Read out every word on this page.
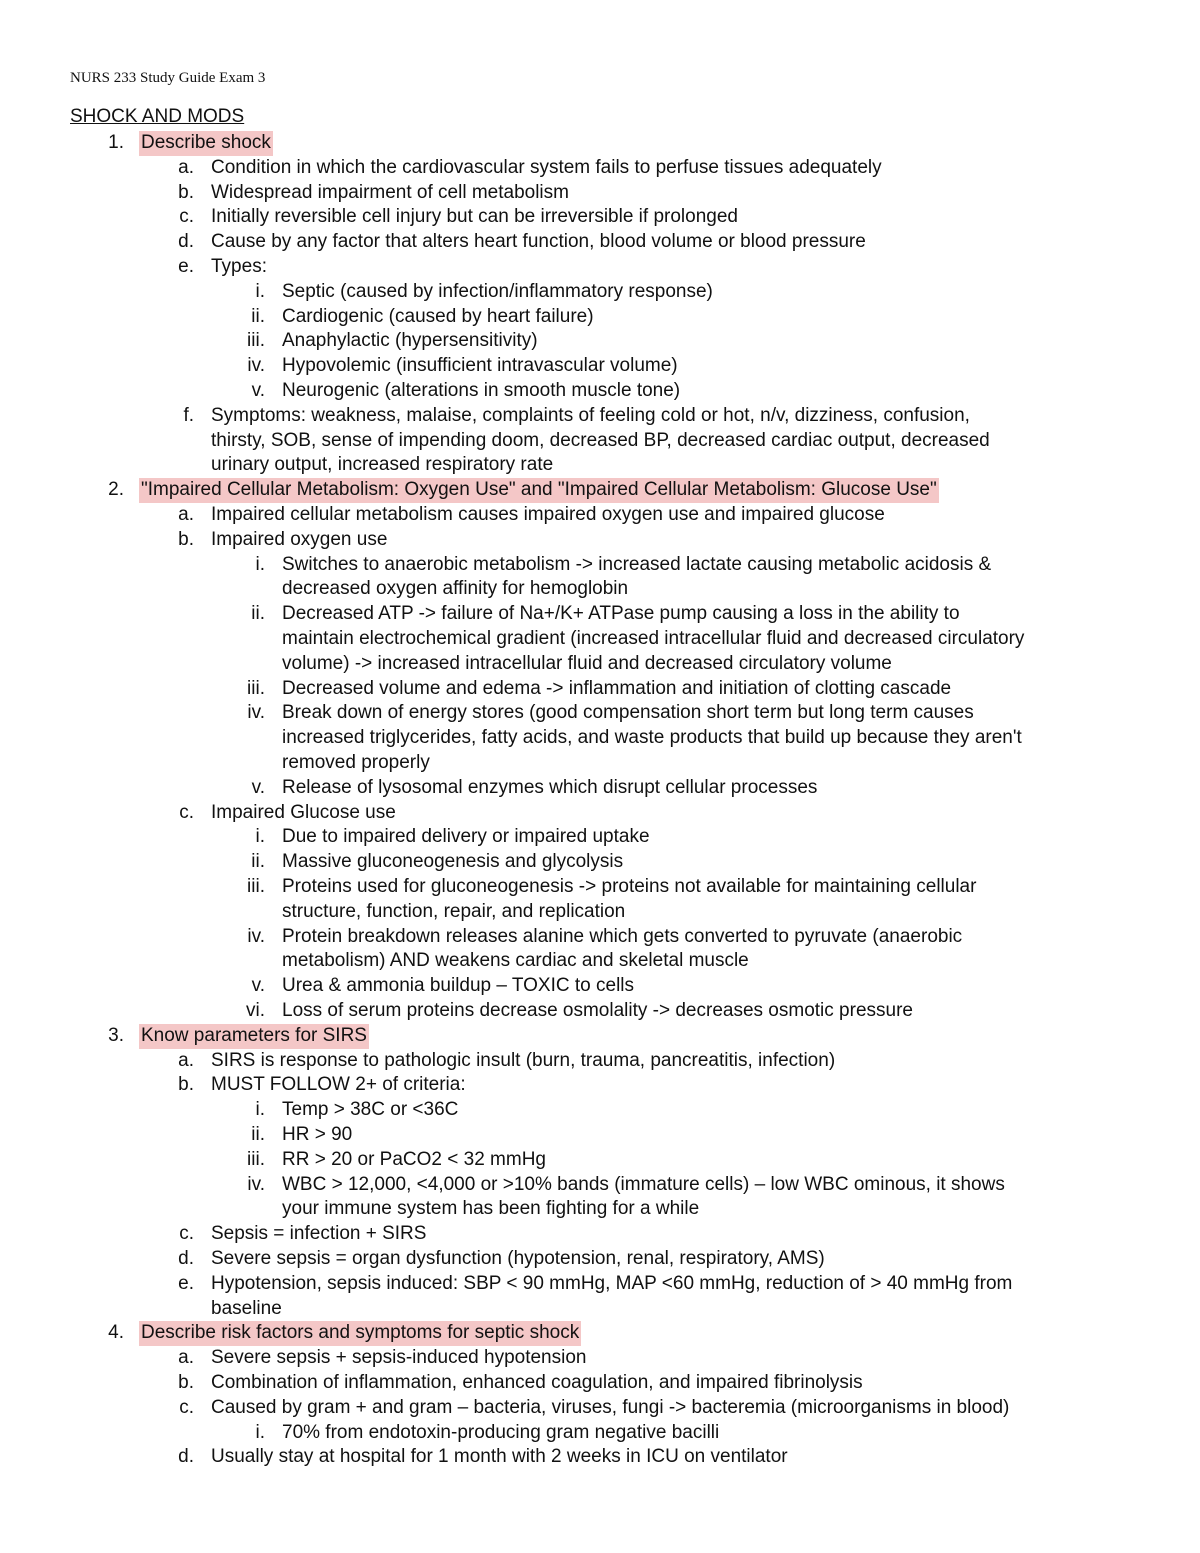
NURS 233 Study Guide Exam 3
SHOCK AND MODS
1. Describe shock
a. Condition in which the cardiovascular system fails to perfuse tissues adequately
b. Widespread impairment of cell metabolism
c. Initially reversible cell injury but can be irreversible if prolonged
d. Cause by any factor that alters heart function, blood volume or blood pressure
e. Types:
i. Septic (caused by infection/inflammatory response)
ii. Cardiogenic (caused by heart failure)
iii. Anaphylactic (hypersensitivity)
iv. Hypovolemic (insufficient intravascular volume)
v. Neurogenic (alterations in smooth muscle tone)
f. Symptoms: weakness, malaise, complaints of feeling cold or hot, n/v, dizziness, confusion,
thirsty, SOB, sense of impending doom, decreased BP, decreased cardiac output, decreased
urinary output, increased respiratory rate
2. "Impaired Cellular Metabolism: Oxygen Use" and "Impaired Cellular Metabolism: Glucose Use"
a. Impaired cellular metabolism causes impaired oxygen use and impaired glucose
b. Impaired oxygen use
i. Switches to anaerobic metabolism -> increased lactate causing metabolic acidosis &
decreased oxygen affinity for hemoglobin
ii. Decreased ATP -> failure of Na+/K+ ATPase pump causing a loss in the ability to
maintain electrochemical gradient (increased intracellular fluid and decreased circulatory
volume) -> increased intracellular fluid and decreased circulatory volume
iii. Decreased volume and edema -> inflammation and initiation of clotting cascade
iv. Break down of energy stores (good compensation short term but long term causes
increased triglycerides, fatty acids, and waste products that build up because they aren't
removed properly
v. Release of lysosomal enzymes which disrupt cellular processes
c. Impaired Glucose use
i. Due to impaired delivery or impaired uptake
ii. Massive gluconeogenesis and glycolysis
iii. Proteins used for gluconeogenesis -> proteins not available for maintaining cellular
structure, function, repair, and replication
iv. Protein breakdown releases alanine which gets converted to pyruvate (anaerobic
metabolism) AND weakens cardiac and skeletal muscle
v. Urea & ammonia buildup – TOXIC to cells
vi. Loss of serum proteins decrease osmolality -> decreases osmotic pressure
3. Know parameters for SIRS
a. SIRS is response to pathologic insult (burn, trauma, pancreatitis, infection)
b. MUST FOLLOW 2+ of criteria:
i. Temp > 38C or <36C
ii. HR > 90
iii. RR > 20 or PaCO2 < 32 mmHg
iv. WBC > 12,000, <4,000 or >10% bands (immature cells) – low WBC ominous, it shows
your immune system has been fighting for a while
c. Sepsis = infection + SIRS
d. Severe sepsis = organ dysfunction (hypotension, renal, respiratory, AMS)
e. Hypotension, sepsis induced: SBP < 90 mmHg, MAP <60 mmHg, reduction of > 40 mmHg from
baseline
4. Describe risk factors and symptoms for septic shock
a. Severe sepsis + sepsis-induced hypotension
b. Combination of inflammation, enhanced coagulation, and impaired fibrinolysis
c. Caused by gram + and gram – bacteria, viruses, fungi -> bacteremia (microorganisms in blood)
i. 70% from endotoxin-producing gram negative bacilli
d. Usually stay at hospital for 1 month with 2 weeks in ICU on ventilator
